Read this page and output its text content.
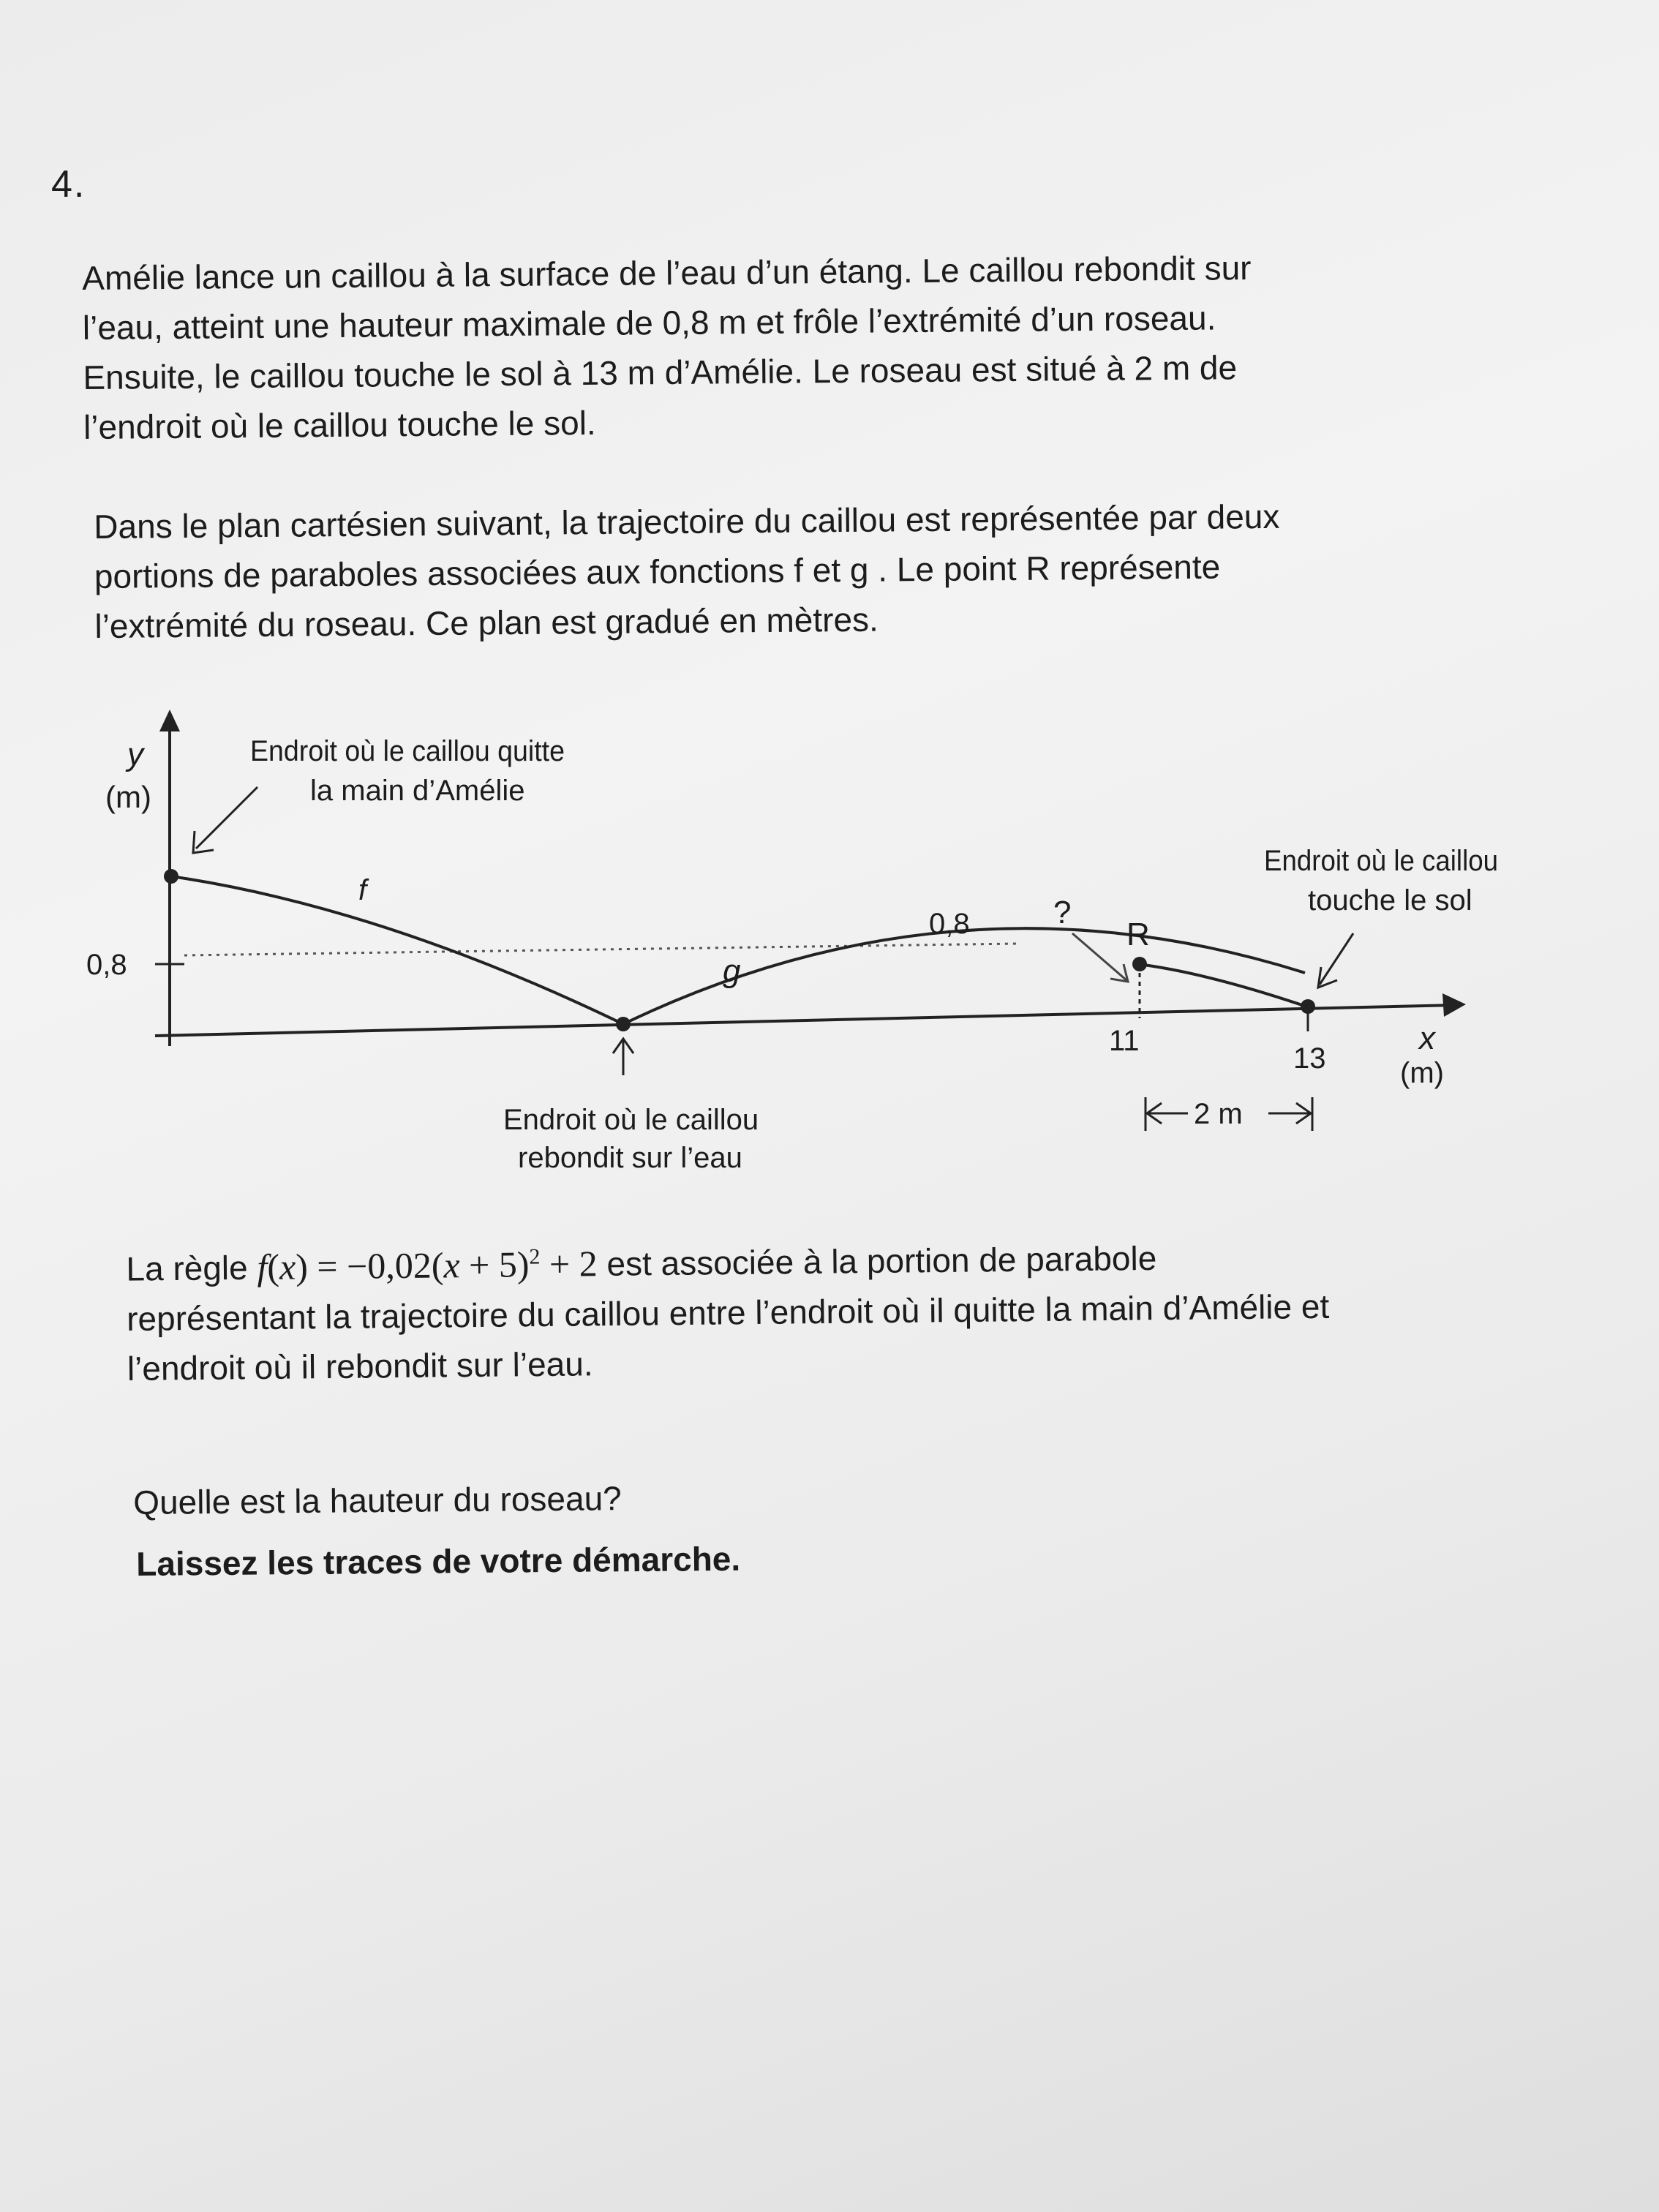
4.

Amélie lance un caillou à la surface de l’eau d’un étang. Le caillou rebondit sur
l’eau, atteint une hauteur maximale de 0,8 m et frôle l’extrémité d’un roseau.
Ensuite, le caillou touche le sol à 13 m d’Amélie. Le roseau est situé à 2 m de
l’endroit où le caillou touche le sol.

Dans le plan cartésien suivant, la trajectoire du caillou est représentée par deux
portions de paraboles associées aux fonctions f et g . Le point R représente
l’extrémité du roseau. Ce plan est gradué en mètres.

0,8
y
(m)
f
g
R
13
x
(m)
Endroit où le caillou quitte
la main d’Amélie
Endroit où le caillou
touche le sol
Endroit où le caillou
rebondit sur l’eau
2 m
0,8	?
11

La règle $f(x) = -0,02(x + 5)^2 + 2$ est associée à la portion de parabole
représentant la trajectoire du caillou entre l’endroit où il quitte la main d’Amélie et
l’endroit où il rebondit sur l’eau.

Quelle est la hauteur du roseau?
Laissez les traces de votre démarche.
